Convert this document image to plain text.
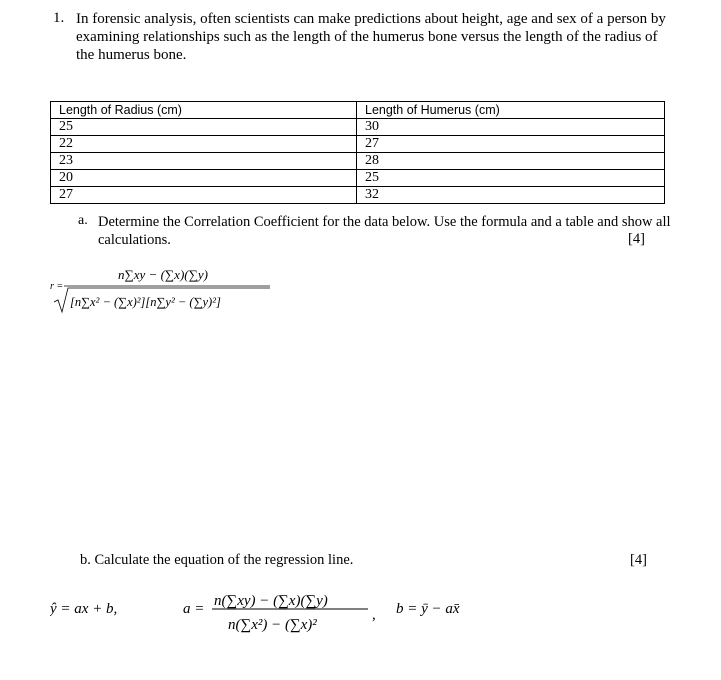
1. In forensic analysis, often scientists can make predictions about height, age and sex of a person by examining relationships such as the length of the humerus bone versus the length of the radius of the humerus bone.
Length of Radius (cm)	Length of Humerus (cm)
25	30
22	27
23	28
20	25
27	32
a. Determine the Correlation Coefficient for the data below. Use the formula and a table and show all calculations.	[4]
r =
n∑xy − (∑x)(∑y)
[n∑x² − (∑x)²][n∑y² − (∑y)²]
b. Calculate the equation of the regression line.	[4]
ŷ = ax + b,	a = n(∑xy) − (∑x)(∑y)
n(∑x²) − (∑x)²
, b = ȳ − ax̄
